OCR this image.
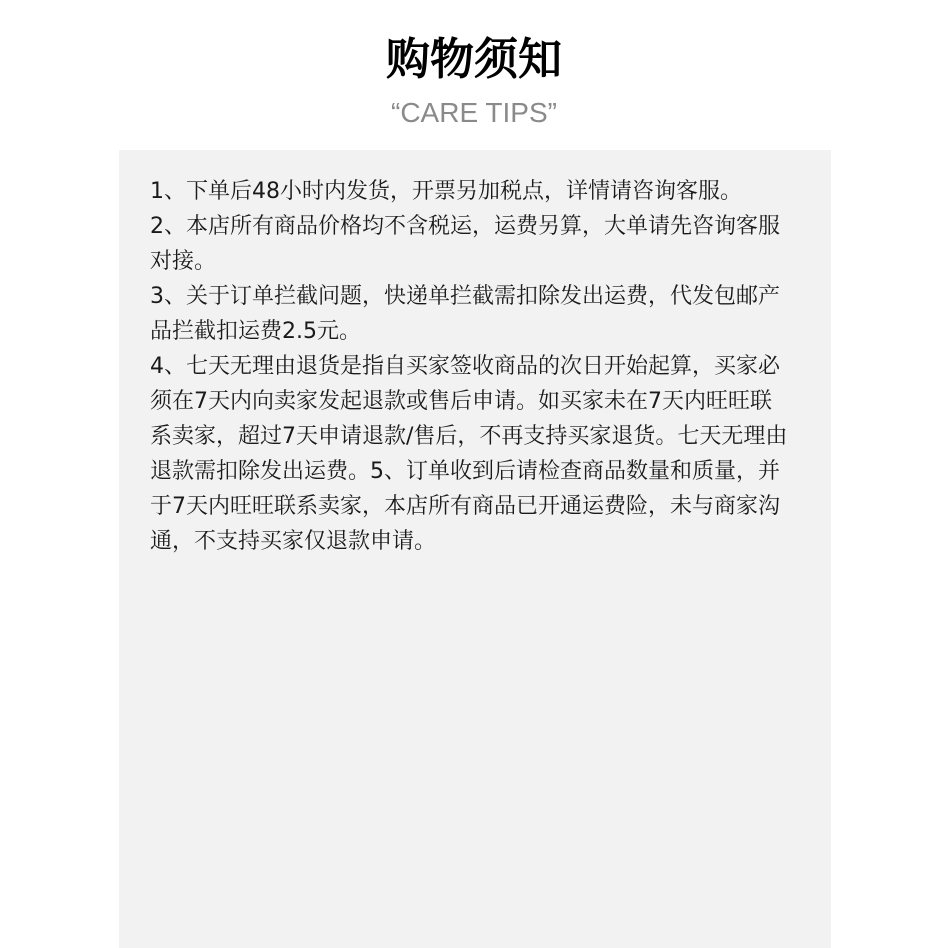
购物须知
“CARE TIPS”

1、下单后48小时内发货，开票另加税点，详情请咨询客服。

2、本店所有商品价格均不含税运，运费另算，大单请先咨询客服对接。

3、关于订单拦截问题，快递单拦截需扣除发出运费，代发包邮产品拦截扣运费2.5元。

4、七天无理由退货是指自买家签收商品的次日开始起算，买家必须在7天内向卖家发起退款或售后申请。如买家未在7天内旺旺联系卖家，超过7天申请退款/售后，不再支持买家退货。七天无理由退款需扣除发出运费。5、订单收到后请检查商品数量和质量，并于7天内旺旺联系卖家，本店所有商品已开通运费险，未与商家沟通，不支持买家仅退款申请。
